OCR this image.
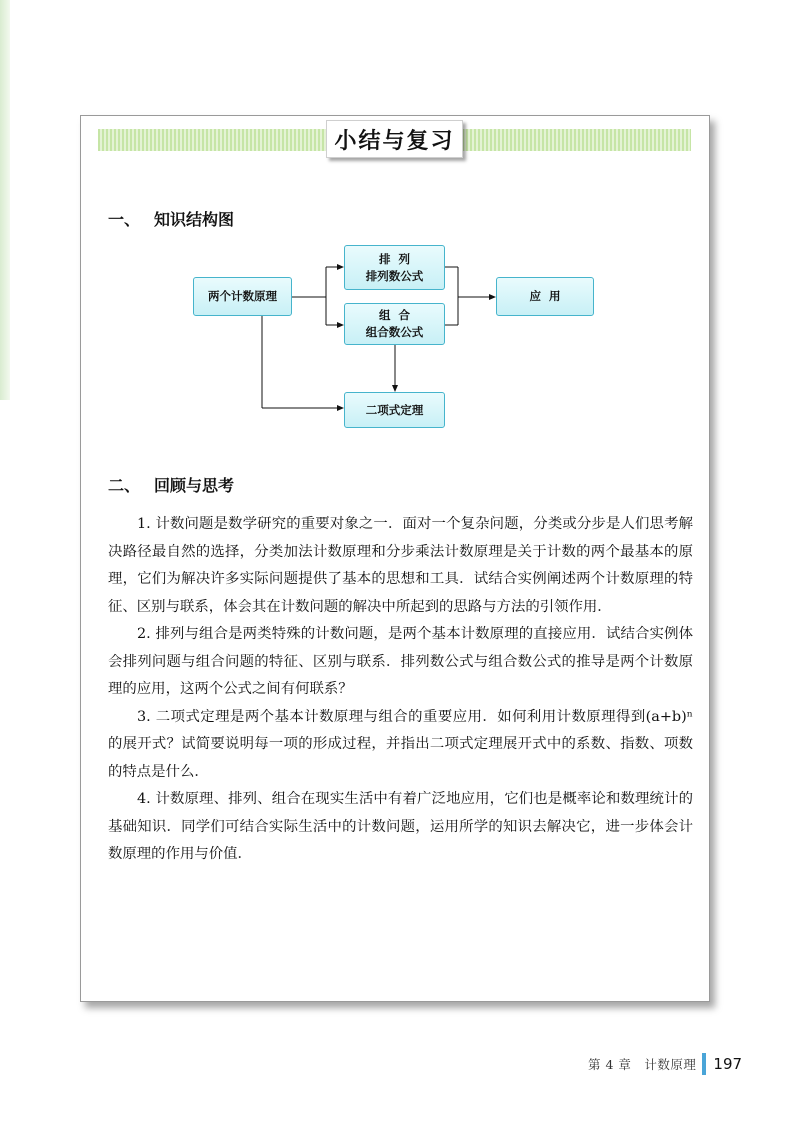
小结与复习
一、 知识结构图
两个计数原理
排  列
排列数公式
组  合
组合数公式
应  用
二项式定理
二、 回顾与思考

1. 计数问题是数学研究的重要对象之一．面对一个复杂问题，分类或分步是人们思考解决路径最自然的选择，分类加法计数原理和分步乘法计数原理是关于计数的两个最基本的原理，它们为解决许多实际问题提供了基本的思想和工具．试结合实例阐述两个计数原理的特征、区别与联系，体会其在计数问题的解决中所起到的思路与方法的引领作用．

2. 排列与组合是两类特殊的计数问题，是两个基本计数原理的直接应用．试结合实例体会排列问题与组合问题的特征、区别与联系．排列数公式与组合数公式的推导是两个计数原理的应用，这两个公式之间有何联系？

3. 二项式定理是两个基本计数原理与组合的重要应用．如何利用计数原理得到(a+b)ⁿ 的展开式？试简要说明每一项的形成过程，并指出二项式定理展开式中的系数、指数、项数的特点是什么．

4. 计数原理、排列、组合在现实生活中有着广泛地应用，它们也是概率论和数理统计的基础知识．同学们可结合实际生活中的计数问题，运用所学的知识去解决它，进一步体会计数原理的作用与价值．

第 4 章　计数原理 197
